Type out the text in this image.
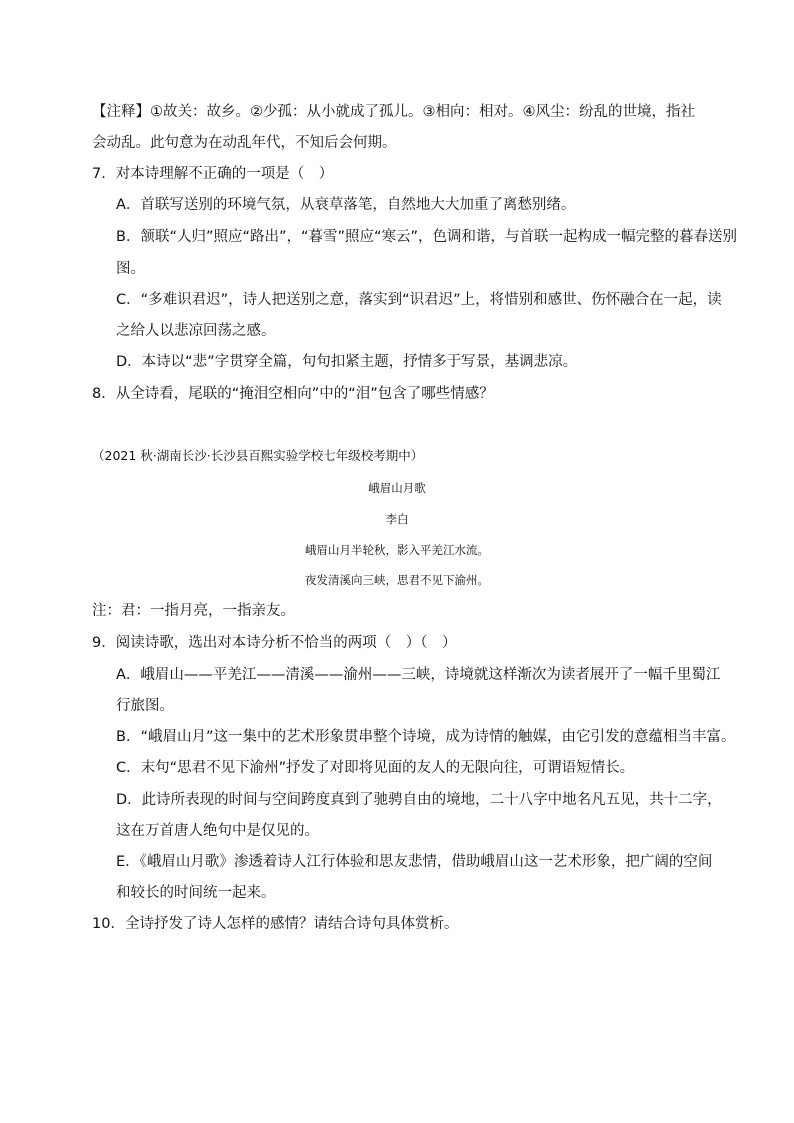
【注释】①故关：故乡。②少孤：从小就成了孤儿。③相向：相对。④风尘：纷乱的世境，指社
会动乱。此句意为在动乱年代，不知后会何期。
7．对本诗理解不正确的一项是（　）
A．首联写送别的环境气氛，从衰草落笔，自然地大大加重了离愁别绪。
B．颔联“人归”照应“路出”，“暮雪”照应“寒云”，色调和谐，与首联一起构成一幅完整的暮春送别
图。
C．“多难识君迟”，诗人把送别之意，落实到“识君迟”上，将惜别和感世、伤怀融合在一起，读
之给人以悲凉回荡之感。
D．本诗以“悲”字贯穿全篇，句句扣紧主题，抒情多于写景，基调悲凉。
8．从全诗看，尾联的“掩泪空相向”中的“泪”包含了哪些情感？
（2021 秋·湖南长沙·长沙县百熙实验学校七年级校考期中）
峨眉山月歌
李白
峨眉山月半轮秋，影入平羌江水流。
夜发清溪向三峡，思君不见下渝州。
注：君：一指月亮，一指亲友。
9．阅读诗歌，选出对本诗分析不恰当的两项（　）（　）
A．峨眉山——平羌江——清溪——渝州——三峡，诗境就这样渐次为读者展开了一幅千里蜀江
行旅图。
B．“峨眉山月”这一集中的艺术形象贯串整个诗境，成为诗情的触媒，由它引发的意蕴相当丰富。
C．末句“思君不见下渝州”抒发了对即将见面的友人的无限向往，可谓语短情长。
D．此诗所表现的时间与空间跨度真到了驰骋自由的境地，二十八字中地名凡五见，共十二字，
这在万首唐人绝句中是仅见的。
E．《峨眉山月歌》渗透着诗人江行体验和思友悲情，借助峨眉山这一艺术形象，把广阔的空间
和较长的时间统一起来。
10．全诗抒发了诗人怎样的感情？请结合诗句具体赏析。
